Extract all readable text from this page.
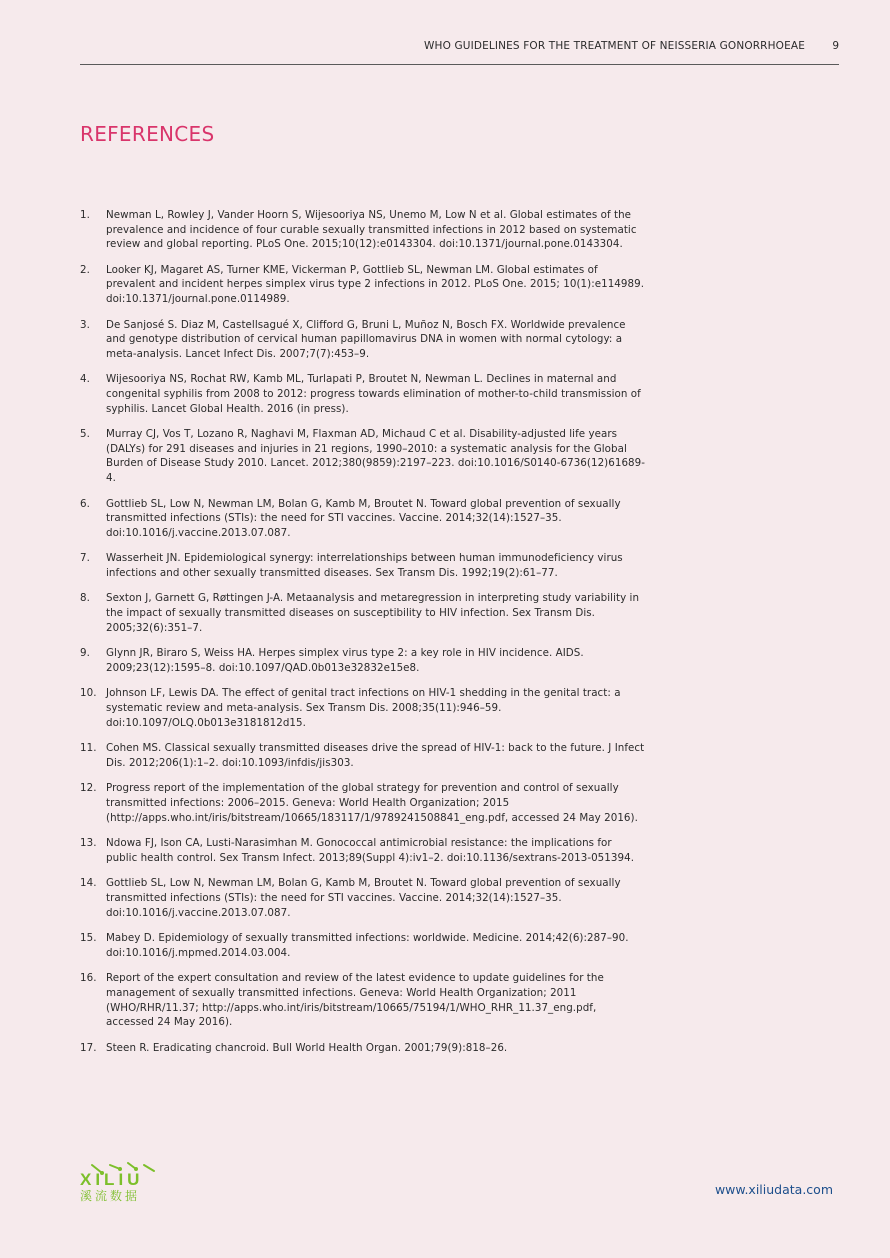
WHO GUIDELINES FOR THE TREATMENT OF NEISSERIA GONORRHOEAE	9
REFERENCES
1. Newman L, Rowley J, Vander Hoorn S, Wijesooriya NS, Unemo M, Low N et al. Global estimates of the prevalence and incidence of four curable sexually transmitted infections in 2012 based on systematic review and global reporting. PLoS One. 2015;10(12):e0143304. doi:10.1371/journal.pone.0143304.
2. Looker KJ, Magaret AS, Turner KME, Vickerman P, Gottlieb SL, Newman LM. Global estimates of prevalent and incident herpes simplex virus type 2 infections in 2012. PLoS One. 2015; 10(1):e114989. doi:10.1371/journal.pone.0114989.
3. De Sanjosé S. Diaz M, Castellsagué X, Clifford G, Bruni L, Muñoz N, Bosch FX. Worldwide prevalence and genotype distribution of cervical human papillomavirus DNA in women with normal cytology: a meta-analysis. Lancet Infect Dis. 2007;7(7):453–9.
4. Wijesooriya NS, Rochat RW, Kamb ML, Turlapati P, Broutet N, Newman L. Declines in maternal and congenital syphilis from 2008 to 2012: progress towards elimination of mother-to-child transmission of syphilis. Lancet Global Health. 2016 (in press).
5. Murray CJ, Vos T, Lozano R, Naghavi M, Flaxman AD, Michaud C et al. Disability-adjusted life years (DALYs) for 291 diseases and injuries in 21 regions, 1990–2010: a systematic analysis for the Global Burden of Disease Study 2010. Lancet. 2012;380(9859):2197–223. doi:10.1016/S0140-6736(12)61689-4.
6. Gottlieb SL, Low N, Newman LM, Bolan G, Kamb M, Broutet N. Toward global prevention of sexually transmitted infections (STIs): the need for STI vaccines. Vaccine. 2014;32(14):1527–35. doi:10.1016/j.vaccine.2013.07.087.
7. Wasserheit JN. Epidemiological synergy: interrelationships between human immunodeficiency virus infections and other sexually transmitted diseases. Sex Transm Dis. 1992;19(2):61–77.
8. Sexton J, Garnett G, Røttingen J-A. Metaanalysis and metaregression in interpreting study variability in the impact of sexually transmitted diseases on susceptibility to HIV infection. Sex Transm Dis. 2005;32(6):351–7.
9. Glynn JR, Biraro S, Weiss HA. Herpes simplex virus type 2: a key role in HIV incidence. AIDS. 2009;23(12):1595–8. doi:10.1097/QAD.0b013e32832e15e8.
10. Johnson LF, Lewis DA. The effect of genital tract infections on HIV-1 shedding in the genital tract: a systematic review and meta-analysis. Sex Transm Dis. 2008;35(11):946–59. doi:10.1097/OLQ.0b013e3181812d15.
11. Cohen MS. Classical sexually transmitted diseases drive the spread of HIV-1: back to the future. J Infect Dis. 2012;206(1):1–2. doi:10.1093/infdis/jis303.
12. Progress report of the implementation of the global strategy for prevention and control of sexually transmitted infections: 2006–2015. Geneva: World Health Organization; 2015 (http://apps.who.int/iris/bitstream/10665/183117/1/9789241508841_eng.pdf, accessed 24 May 2016).
13. Ndowa FJ, Ison CA, Lusti-Narasimhan M. Gonococcal antimicrobial resistance: the implications for public health control. Sex Transm Infect. 2013;89(Suppl 4):iv1–2. doi:10.1136/sextrans-2013-051394.
14. Gottlieb SL, Low N, Newman LM, Bolan G, Kamb M, Broutet N. Toward global prevention of sexually transmitted infections (STIs): the need for STI vaccines. Vaccine. 2014;32(14):1527–35. doi:10.1016/j.vaccine.2013.07.087.
15. Mabey D. Epidemiology of sexually transmitted infections: worldwide. Medicine. 2014;42(6):287–90. doi:10.1016/j.mpmed.2014.03.004.
16. Report of the expert consultation and review of the latest evidence to update guidelines for the management of sexually transmitted infections. Geneva: World Health Organization; 2011 (WHO/RHR/11.37; http://apps.who.int/iris/bitstream/10665/75194/1/WHO_RHR_11.37_eng.pdf, accessed 24 May 2016).
17. Steen R. Eradicating chancroid. Bull World Health Organ. 2001;79(9):818–26.
XILIU
溪流数据	www.xiliudata.com
